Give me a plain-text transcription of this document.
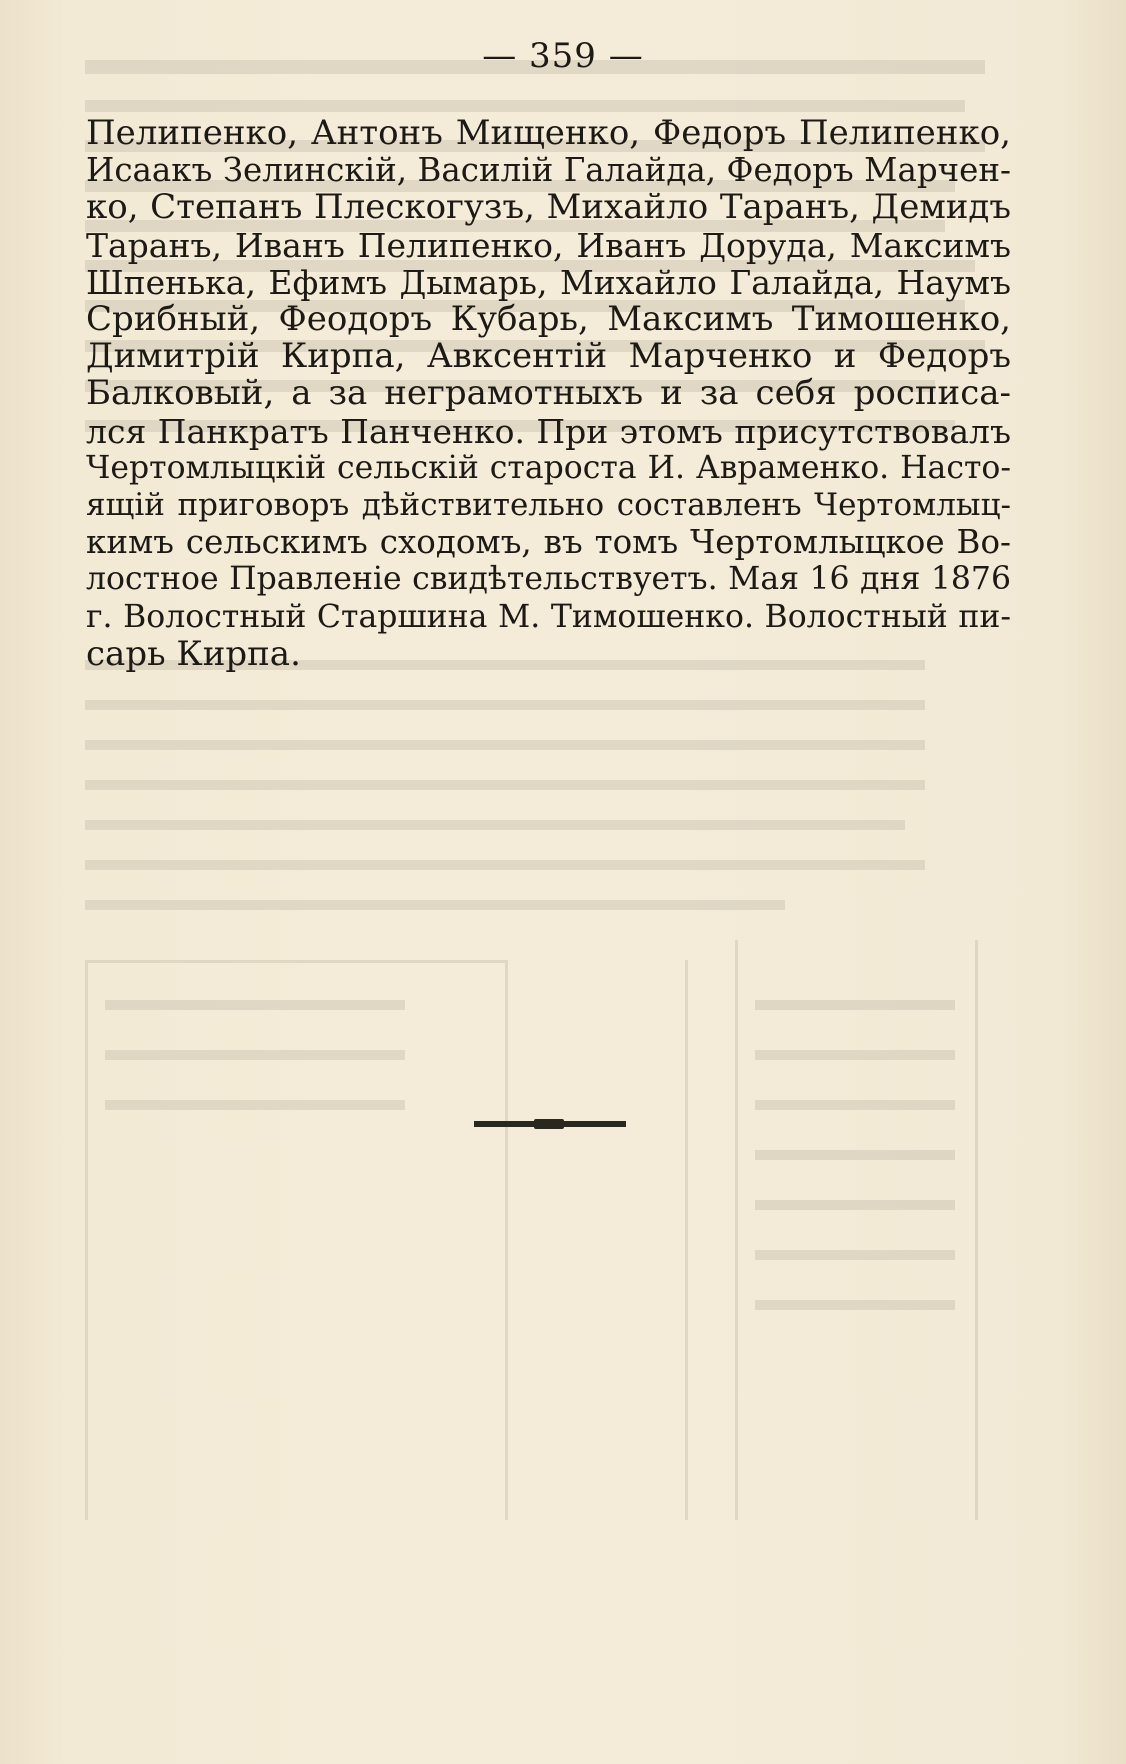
— 359 —
Пелипенко, Антонъ Мищенко, Федоръ Пелипенко,
Исаакъ Зелинскій, Василій Галайда, Федоръ Марчен-
ко, Степанъ Плескогузъ, Михайло Таранъ, Демидъ
Таранъ, Иванъ Пелипенко, Иванъ Доруда, Максимъ
Шпенька, Ефимъ Дымарь, Михайло Галайда, Наумъ
Срибный, Феодоръ Кубарь, Максимъ Тимошенко,
Димитрій Кирпа, Авксентій Марченко и Федоръ
Балковый, а за неграмотныхъ и за себя росписа-
лся Панкратъ Панченко. При этомъ присутствовалъ
Чертомлыцкій сельскій староста И. Авраменко. Насто-
ящій приговоръ дѣйствительно составленъ Чертомлыц-
кимъ сельскимъ сходомъ, въ томъ Чертомлыцкое Во-
лостное Правленіе свидѣтельствуетъ. Мая 16 дня 1876
г. Волостный Старшина М. Тимошенко. Волостный пи-
сарь Кирпа.
